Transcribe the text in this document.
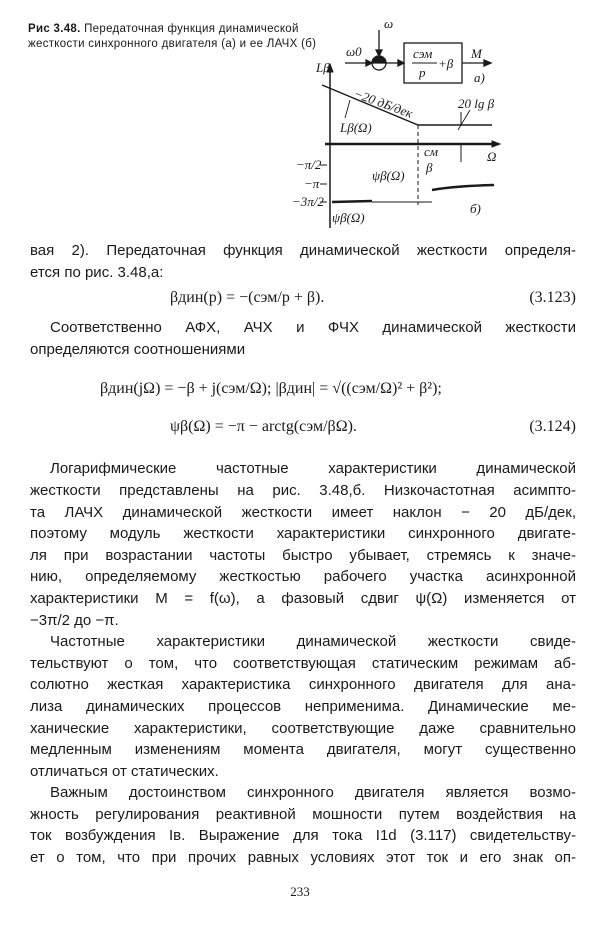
Рис 3.48. Передаточная функция динамической жесткости синхронного двигателя (а) и ее ЛАЧХ (б)
ω0
ω
cэм
p
+β
M
а)
Lβ
−20 дБ/дек
Lβ(Ω)
20 lg β
Ω
cм
β
−π/2
−π
−3π/2
ψβ(Ω)
ψβ(Ω)
б)
вая 2). Передаточная функция динамической жесткости определя-
ется по рис. 3.48,а:
βдин(p) = −(cэм/p + β).	(3.123)
Соответственно АФХ, АЧХ и ФЧХ динамической жесткости
определяются соотношениями
βдин(jΩ) = −β + j(cэм/Ω); |βдин| = √((cэм/Ω)² + β²);
ψβ(Ω) = −π − arctg(cэм/βΩ).	(3.124)
Логарифмические частотные характеристики динамической
жесткости представлены на рис. 3.48,б. Низкочастотная асимпто-
та ЛАЧХ динамической жесткости имеет наклон − 20 дБ/дек,
поэтому модуль жесткости характеристики синхронного двигате-
ля при возрастании частоты быстро убывает, стремясь к значе-
нию, определяемому жесткостью рабочего участка асинхронной
характеристики M = f(ω), а фазовый сдвиг ψ(Ω) изменяется от
−3π/2 до −π.
Частотные характеристики динамической жесткости свиде-
тельствуют о том, что соответствующая статическим режимам аб-
солютно жесткая характеристика синхронного двигателя для ана-
лиза динамических процессов неприменима. Динамические ме-
ханические характеристики, соответствующие даже сравнительно
медленным изменениям момента двигателя, могут существенно
отличаться от статических.
Важным достоинством синхронного двигателя является возмо-
жность регулирования реактивной мошности путем воздействия на
ток возбуждения Iв. Выражение для тока I1d (3.117) свидетельству-
ет о том, что при прочих равных условиях этот ток и его знак оп-
233
